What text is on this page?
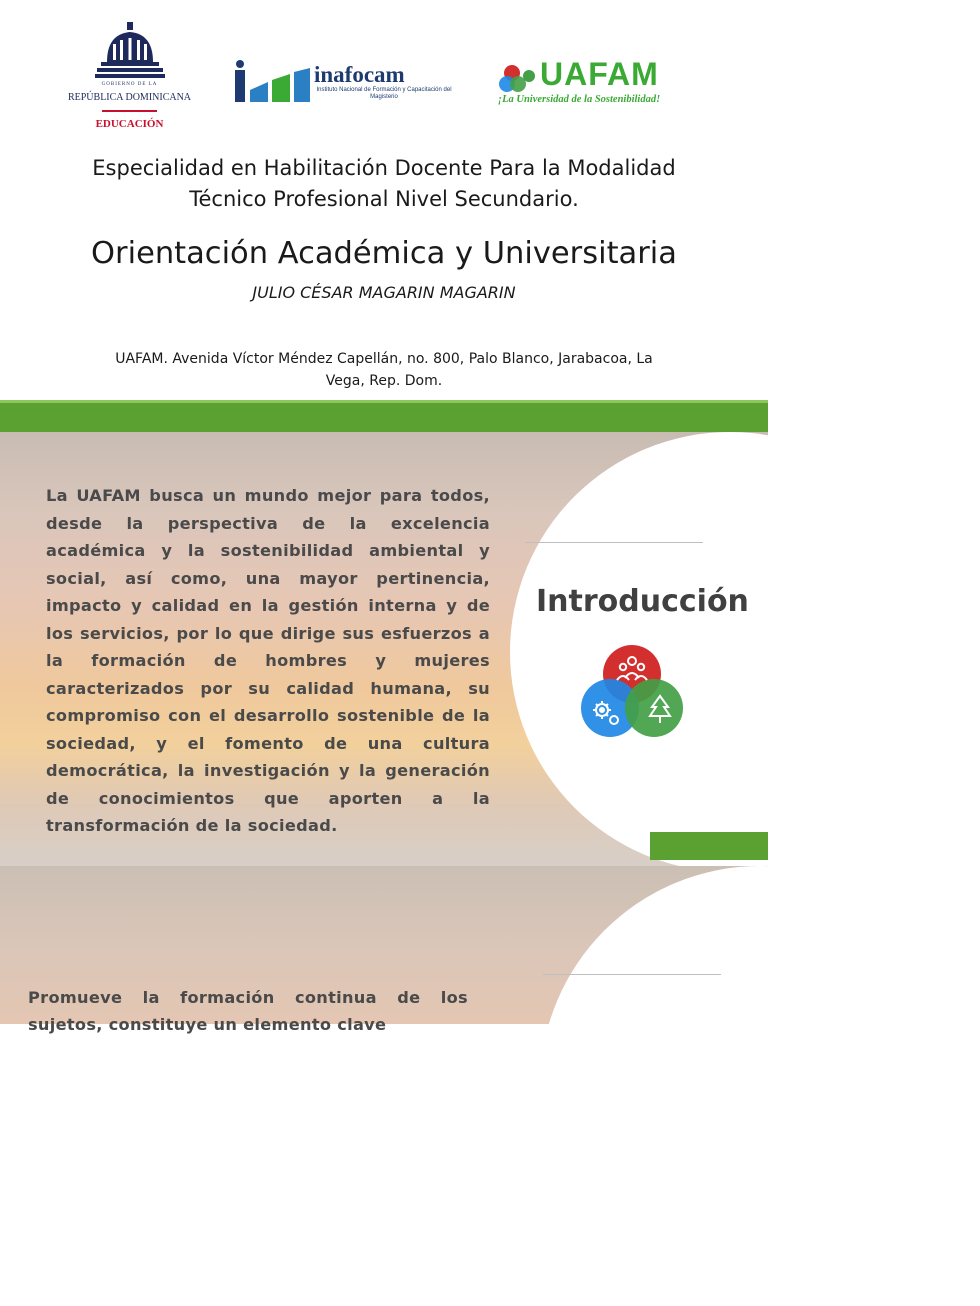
GOBIERNO DE LA
REPÚBLICA DOMINICANA
EDUCACIÓN
inafocam
Instituto Nacional de Formación y Capacitación del Magisterio
UAFAM
¡La Universidad de la Sostenibilidad!
Especialidad en Habilitación Docente Para la Modalidad
Técnico Profesional Nivel Secundario.
Orientación Académica y Universitaria
JULIO CÉSAR MAGARIN MAGARIN
UAFAM. Avenida Víctor Méndez Capellán, no. 800, Palo Blanco, Jarabacoa, La
Vega, Rep. Dom.
La UAFAM busca un mundo mejor para todos, desde la perspectiva de la excelencia académica y la sostenibilidad ambiental y social, así como, una mayor pertinencia, impacto y calidad en la gestión interna y de los servicios, por lo que dirige sus esfuerzos a la formación de hombres y mujeres caracterizados por su calidad humana, su compromiso con el desarrollo sostenible de la sociedad, y el fomento de una cultura democrática, la investigación y la generación de conocimientos que aporten a la transformación de la sociedad.
Introducción
Promueve la formación continua de los sujetos, constituye un elemento clave
